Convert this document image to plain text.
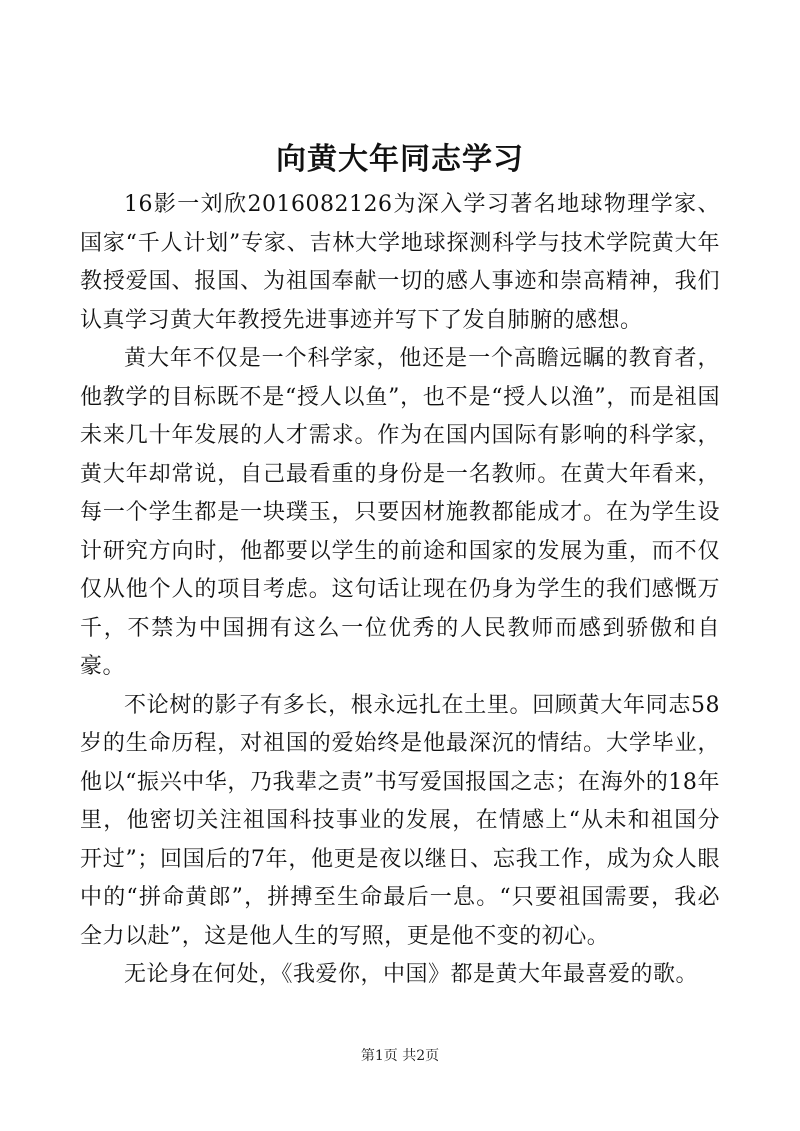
向黄大年同志学习

16影一刘欣2016082126为深入学习著名地球物理学家、国家“千人计划”专家、吉林大学地球探测科学与技术学院黄大年教授爱国、报国、为祖国奉献一切的感人事迹和崇高精神，我们认真学习黄大年教授先进事迹并写下了发自肺腑的感想。

黄大年不仅是一个科学家，他还是一个高瞻远瞩的教育者，他教学的目标既不是“授人以鱼”，也不是“授人以渔”，而是祖国未来几十年发展的人才需求。作为在国内国际有影响的科学家，黄大年却常说，自己最看重的身份是一名教师。在黄大年看来，每一个学生都是一块璞玉，只要因材施教都能成才。在为学生设计研究方向时，他都要以学生的前途和国家的发展为重，而不仅仅从他个人的项目考虑。这句话让现在仍身为学生的我们感慨万千，不禁为中国拥有这么一位优秀的人民教师而感到骄傲和自豪。

不论树的影子有多长，根永远扎在土里。回顾黄大年同志58岁的生命历程，对祖国的爱始终是他最深沉的情结。大学毕业，他以“振兴中华，乃我辈之责”书写爱国报国之志；在海外的18年里，他密切关注祖国科技事业的发展，在情感上“从未和祖国分开过”；回国后的7年，他更是夜以继日、忘我工作，成为众人眼中的“拼命黄郎”，拼搏至生命最后一息。“只要祖国需要，我必全力以赴”，这是他人生的写照，更是他不变的初心。

无论身在何处，《我爱你，中国》都是黄大年最喜爱的歌。

第1页 共2页
